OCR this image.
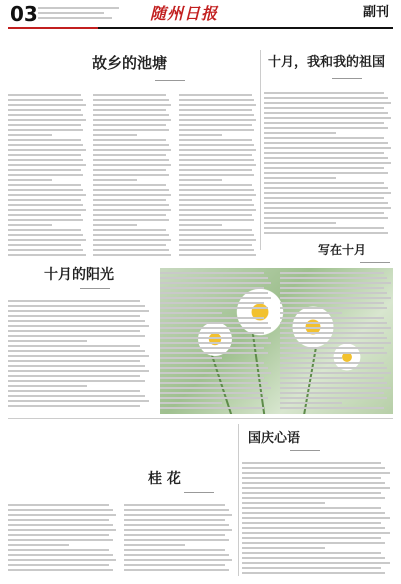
03	随州日报	副刊
故乡的池塘	十月，我和我的祖国
十月的阳光
写在十月
国庆心语
桂 花
